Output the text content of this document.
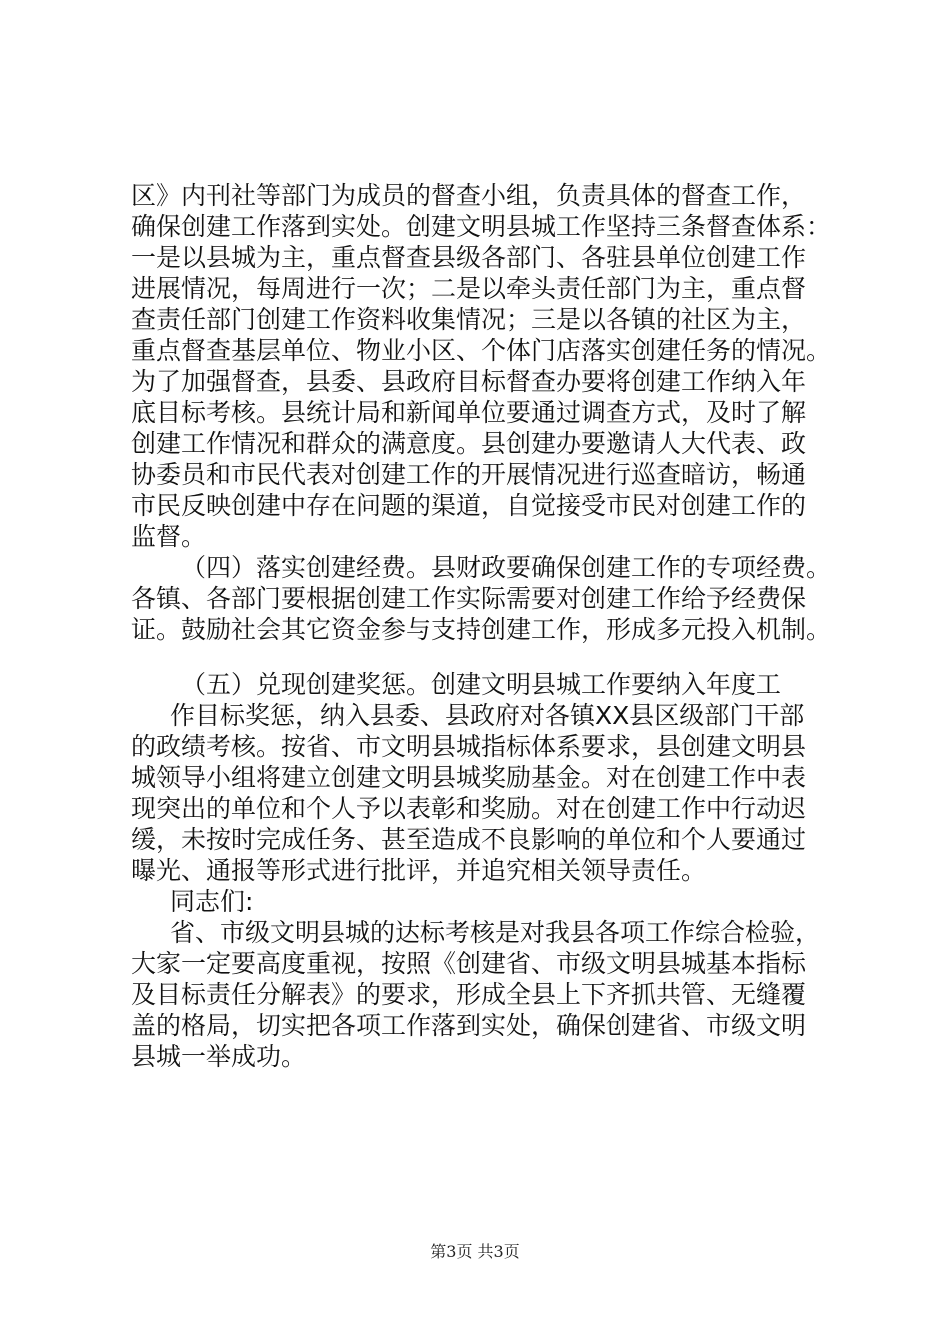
区》内刊社等部门为成员的督查小组，负责具体的督查工作，
确保创建工作落到实处。创建文明县城工作坚持三条督查体系：
一是以县城为主，重点督查县级各部门、各驻县单位创建工作
进展情况，每周进行一次；二是以牵头责任部门为主，重点督
查责任部门创建工作资料收集情况；三是以各镇的社区为主，
重点督查基层单位、物业小区、个体门店落实创建任务的情况。
为了加强督查，县委、县政府目标督查办要将创建工作纳入年
底目标考核。县统计局和新闻单位要通过调查方式，及时了解
创建工作情况和群众的满意度。县创建办要邀请人大代表、政
协委员和市民代表对创建工作的开展情况进行巡查暗访，畅通
市民反映创建中存在问题的渠道，自觉接受市民对创建工作的
监督。
（四）落实创建经费。县财政要确保创建工作的专项经费。
各镇、各部门要根据创建工作实际需要对创建工作给予经费保
证。鼓励社会其它资金参与支持创建工作，形成多元投入机制。
（五）兑现创建奖惩。创建文明县城工作要纳入年度工
作目标奖惩，纳入县委、县政府对各镇XX县区级部门干部
的政绩考核。按省、市文明县城指标体系要求，县创建文明县
城领导小组将建立创建文明县城奖励基金。对在创建工作中表
现突出的单位和个人予以表彰和奖励。对在创建工作中行动迟
缓，未按时完成任务、甚至造成不良影响的单位和个人要通过
曝光、通报等形式进行批评，并追究相关领导责任。
同志们:
省、市级文明县城的达标考核是对我县各项工作综合检验，
大家一定要高度重视，按照《创建省、市级文明县城基本指标
及目标责任分解表》的要求，形成全县上下齐抓共管、无缝覆
盖的格局，切实把各项工作落到实处，确保创建省、市级文明
县城一举成功。
第3页 共3页
